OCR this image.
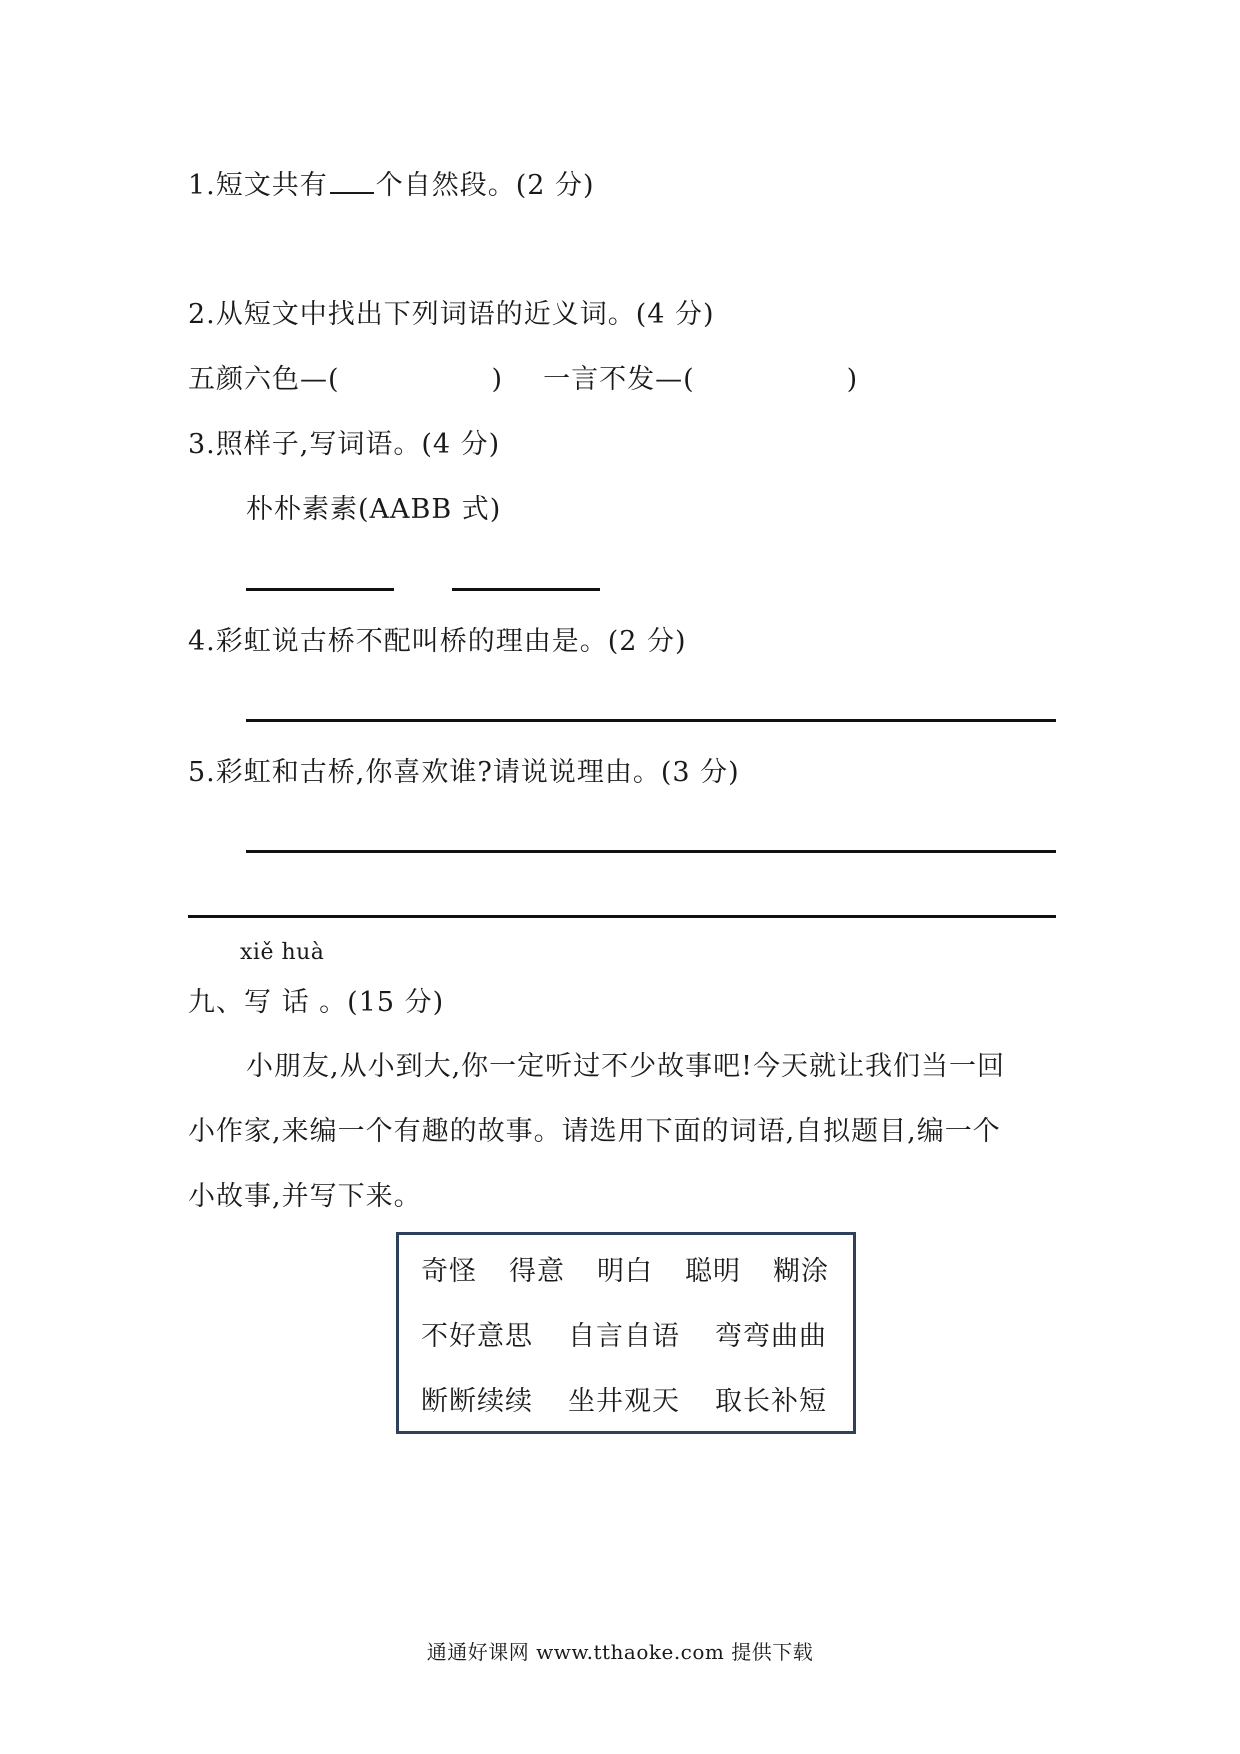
1.短文共有 个自然段。(2 分)
2.从短文中找出下列词语的近义词。(4 分)
五颜六色—(	) 一言不发—(	)
3.照样子,写词语。(4 分)
朴朴素素(AABB 式)
4.彩虹说古桥不配叫桥的理由是。(2 分)
5.彩虹和古桥,你喜欢谁?请说说理由。(3 分)
xiě huà
九、写 话 。(15 分)
小朋友,从小到大,你一定听过不少故事吧!今天就让我们当一回
小作家,来编一个有趣的故事。请选用下面的词语,自拟题目,编一个
小故事,并写下来。
奇怪 得意 明白 聪明 糊涂
不好意思 自言自语 弯弯曲曲
断断续续 坐井观天 取长补短
通通好课网 www.tthaoke.com 提供下载
